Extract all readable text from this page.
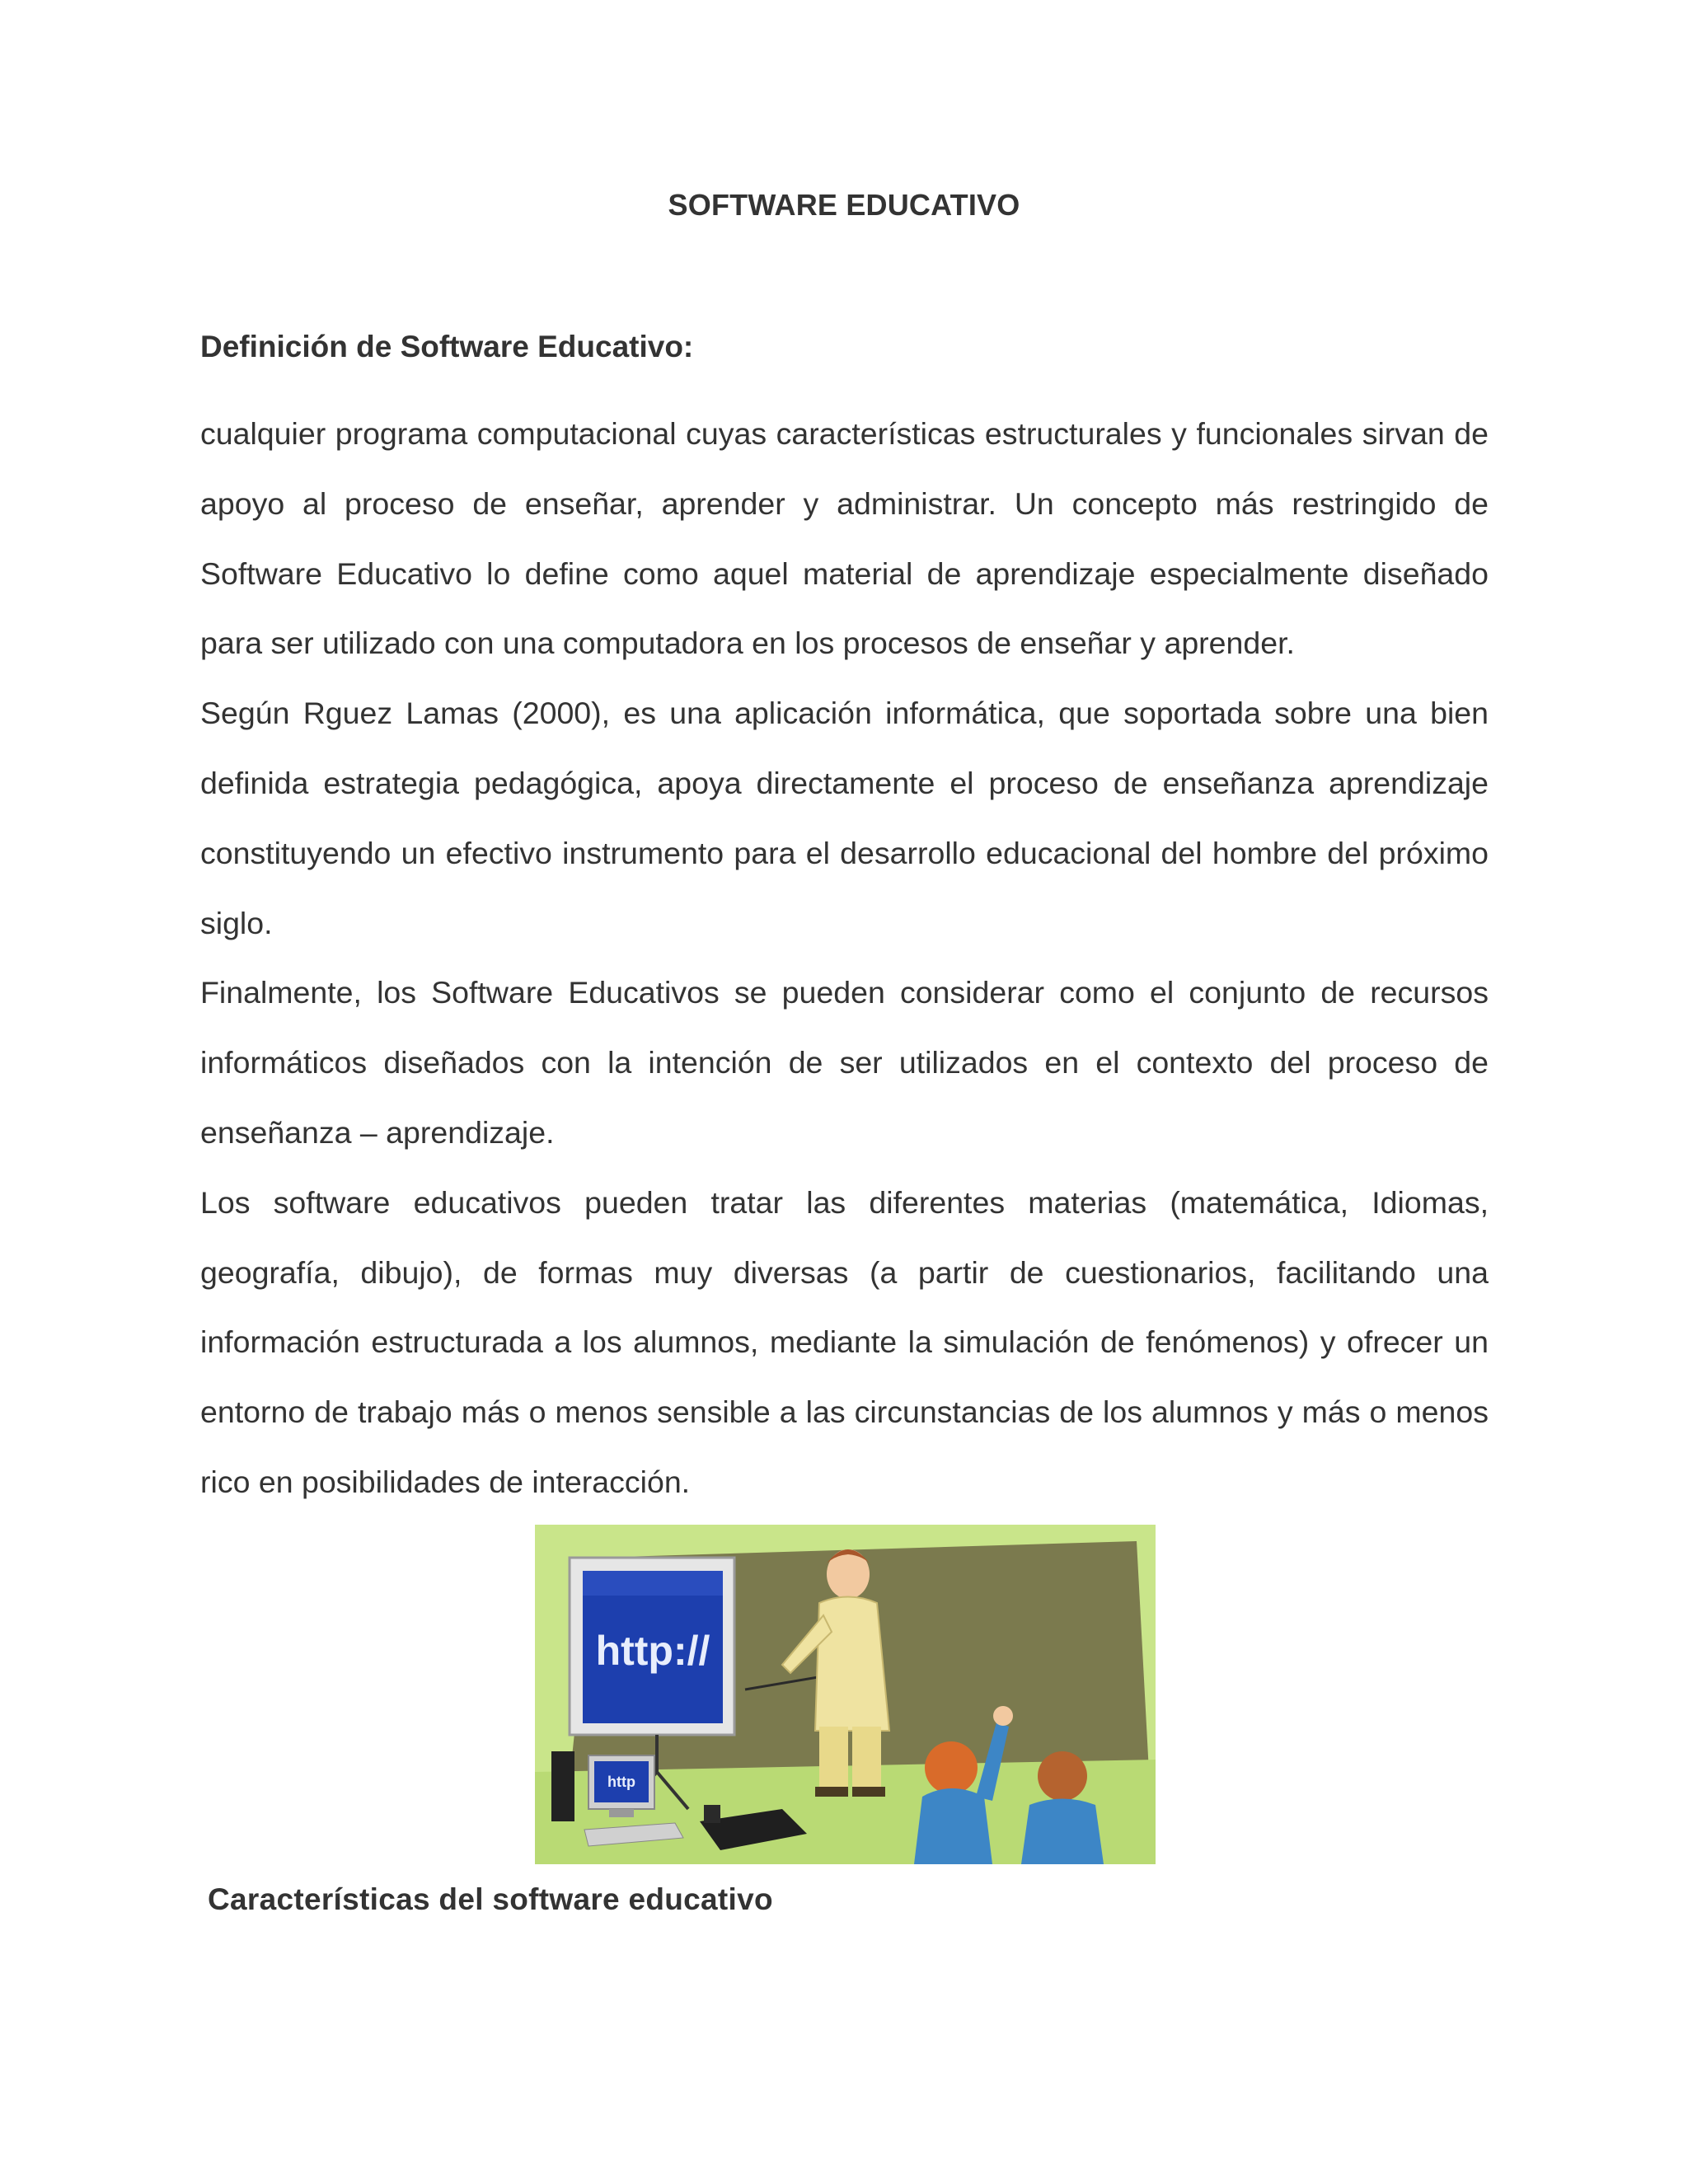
SOFTWARE EDUCATIVO
Definición de Software Educativo:

cualquier programa computacional cuyas características estructurales y funcionales sirvan de apoyo al proceso de enseñar, aprender y administrar. Un concepto más restringido de Software Educativo lo define como aquel material de aprendizaje especialmente diseñado para ser utilizado con una computadora en los procesos de enseñar y aprender.

Según Rguez Lamas (2000), es una aplicación informática, que soportada sobre una bien definida estrategia pedagógica, apoya directamente el proceso de enseñanza aprendizaje constituyendo un efectivo instrumento para el desarrollo educacional del hombre del próximo siglo.

Finalmente, los Software Educativos se pueden considerar como el conjunto de recursos informáticos diseñados con la intención de ser utilizados en el contexto del proceso de enseñanza – aprendizaje.

Los software educativos pueden tratar las diferentes materias (matemática, Idiomas, geografía, dibujo), de formas muy diversas (a partir de cuestionarios, facilitando una información estructurada a los alumnos, mediante la simulación de fenómenos) y ofrecer un entorno de trabajo más o menos sensible a las circunstancias de los alumnos y más o menos rico en posibilidades de interacción.

http://
http
Características del software educativo
